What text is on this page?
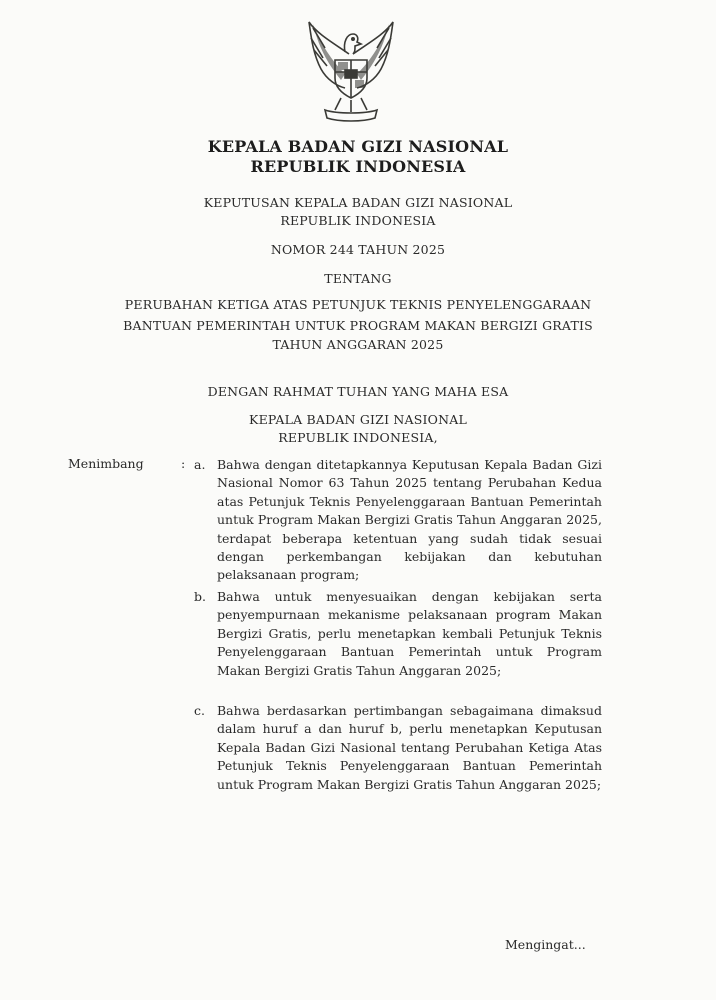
KEPALA BADAN GIZI NASIONAL
REPUBLIK INDONESIA
KEPUTUSAN KEPALA BADAN GIZI NASIONAL
REPUBLIK INDONESIA
NOMOR 244 TAHUN 2025
TENTANG
PERUBAHAN KETIGA ATAS PETUNJUK TEKNIS PENYELENGGARAAN
BANTUAN PEMERINTAH UNTUK PROGRAM MAKAN BERGIZI GRATIS
TAHUN ANGGARAN 2025
DENGAN RAHMAT TUHAN YANG MAHA ESA
KEPALA BADAN GIZI NASIONAL
REPUBLIK INDONESIA,
Menimbang	: a. Bahwa dengan ditetapkannya Keputusan Kepala Badan Gizi Nasional Nomor 63 Tahun 2025 tentang Perubahan Kedua atas Petunjuk Teknis Penyelenggaraan Bantuan Pemerintah untuk Program Makan Bergizi Gratis Tahun Anggaran 2025, terdapat beberapa ketentuan yang sudah tidak sesuai dengan perkembangan kebijakan dan kebutuhan pelaksanaan program;
b. Bahwa untuk menyesuaikan dengan kebijakan serta penyempurnaan mekanisme pelaksanaan program Makan Bergizi Gratis, perlu menetapkan kembali Petunjuk Teknis Penyelenggaraan Bantuan Pemerintah untuk Program Makan Bergizi Gratis Tahun Anggaran 2025;
c. Bahwa berdasarkan pertimbangan sebagaimana dimaksud dalam huruf a dan huruf b, perlu menetapkan Keputusan Kepala Badan Gizi Nasional tentang Perubahan Ketiga Atas Petunjuk Teknis Penyelenggaraan Bantuan Pemerintah untuk Program Makan Bergizi Gratis Tahun Anggaran 2025;
Mengingat...
